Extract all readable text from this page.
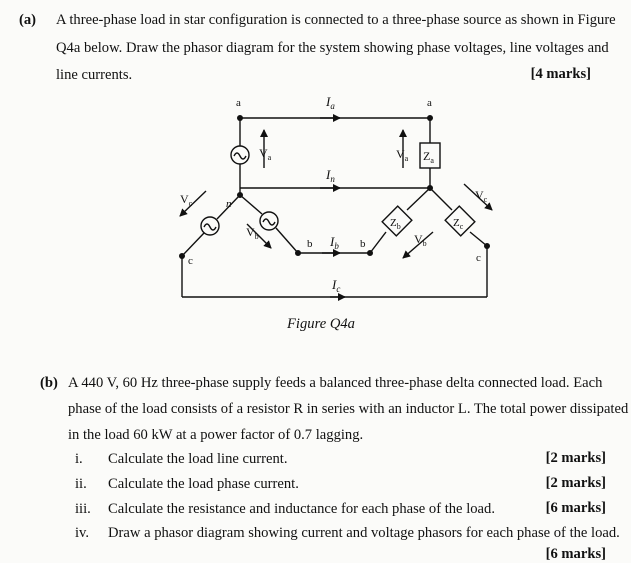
(a) A three-phase load in star configuration is connected to a three-phase source as shown in Figure
Q4a below. Draw the phasor diagram for the system showing phase voltages, line voltages and
line currents.	[4 marks]
a	a
n
b	b
c	c
$I_a$
$I_n$
$I_b$
$I_c$
$V_a$	$V_a$
$V_c$
$V_b$	$V_b$
$V_c$
$Z_a$
$Z_b$	$Z_c$
Figure Q4a
(b) A 440 V, 60 Hz three-phase supply feeds a balanced three-phase delta connected load. Each
phase of the load consists of a resistor R in series with an inductor L. The total power dissipated
in the load 60 kW at a power factor of 0.7 lagging.
i. Calculate the load line current.	[2 marks]
ii. Calculate the load phase current.	[2 marks]
iii. Calculate the resistance and inductance for each phase of the load.	[6 marks]
iv. Draw a phasor diagram showing current and voltage phasors for each phase of the load.
[6 marks]
